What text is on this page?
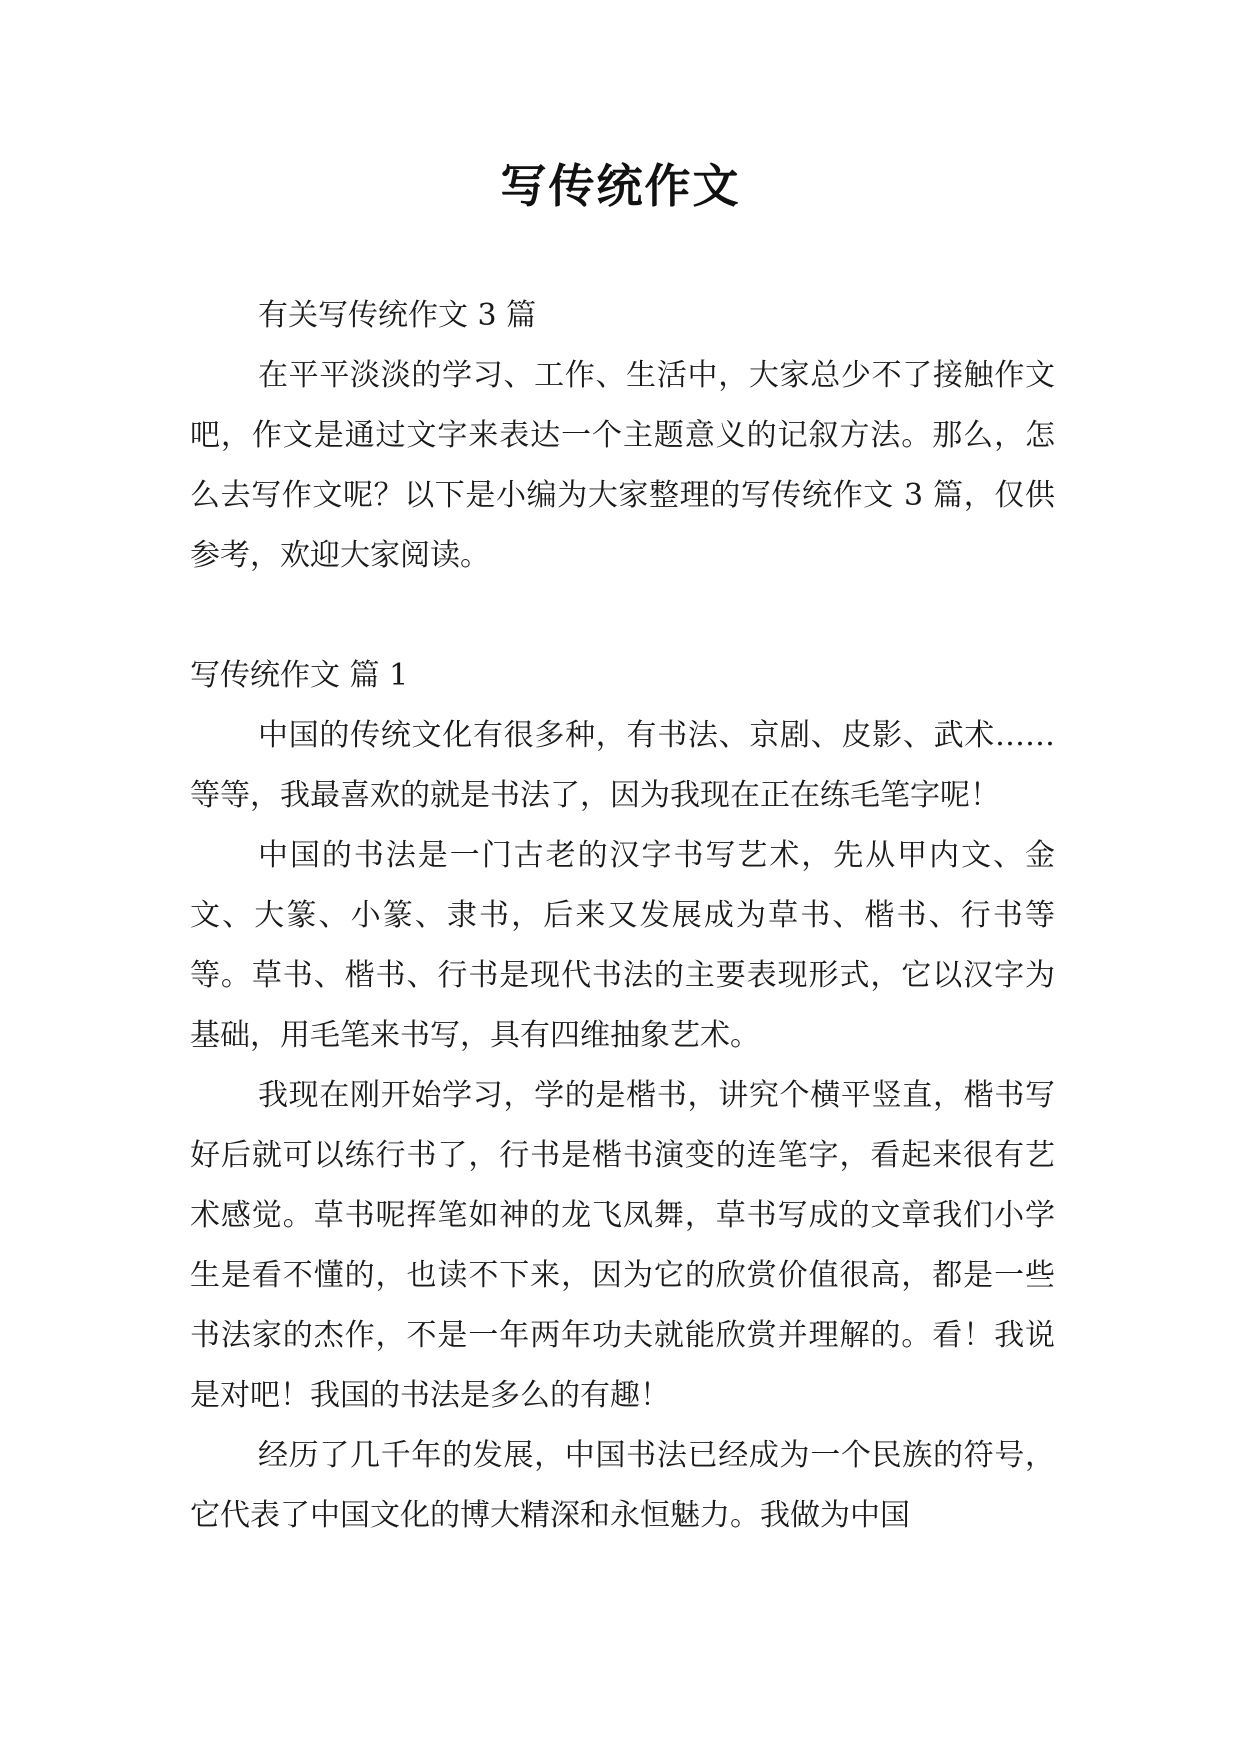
写传统作文

有关写传统作文 3 篇

在平平淡淡的学习、工作、生活中，大家总少不了接触作文吧，作文是通过文字来表达一个主题意义的记叙方法。那么，怎么去写作文呢？以下是小编为大家整理的写传统作文 3 篇，仅供参考，欢迎大家阅读。

写传统作文 篇 1

中国的传统文化有很多种，有书法、京剧、皮影、武术……等等，我最喜欢的就是书法了，因为我现在正在练毛笔字呢！

中国的书法是一门古老的汉字书写艺术，先从甲内文、金文、大篆、小篆、隶书，后来又发展成为草书、楷书、行书等等。草书、楷书、行书是现代书法的主要表现形式，它以汉字为基础，用毛笔来书写，具有四维抽象艺术。

我现在刚开始学习，学的是楷书，讲究个横平竖直，楷书写好后就可以练行书了，行书是楷书演变的连笔字，看起来很有艺术感觉。草书呢挥笔如神的龙飞凤舞，草书写成的文章我们小学生是看不懂的，也读不下来，因为它的欣赏价值很高，都是一些书法家的杰作，不是一年两年功夫就能欣赏并理解的。看！我说是对吧！我国的书法是多么的有趣！

经历了几千年的发展，中国书法已经成为一个民族的符号，它代表了中国文化的博大精深和永恒魅力。我做为中国
